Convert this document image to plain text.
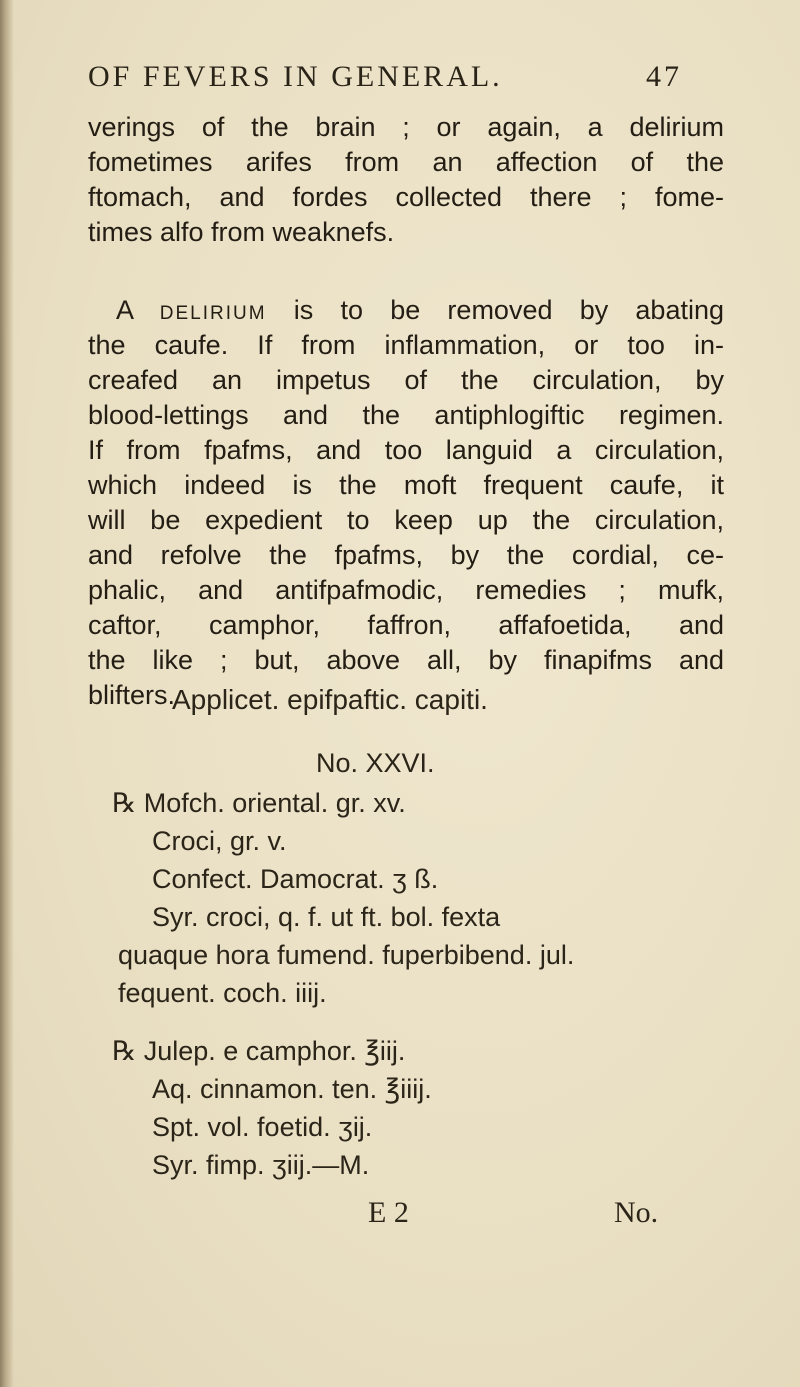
OF FEVERS IN GENERAL.	47
verings of the brain ; or again, a delirium
fometimes arifes from an affection of the
ftomach, and fordes collected there ; fome-
times alfo from weaknefs.
A delirium is to be removed by abating
the caufe. If from inflammation, or too in-
creafed an impetus of the circulation, by
blood-lettings and the antiphlogiftic regimen.
If from fpafms, and too languid a circulation,
which indeed is the moft frequent caufe, it
will be expedient to keep up the circulation,
and refolve the fpafms, by the cordial, ce-
phalic, and antifpafmodic, remedies ; mufk,
caftor, camphor, faffron, affafoetida, and
the like ; but, above all, by finapifms and
blifters.
Applicet. epifpaftic. capiti.
No. XXVI.
℞ Mofch. oriental. gr. xv.
Croci, gr. v.
Confect. Damocrat. ʒ ß.
Syr. croci, q. f. ut ft. bol. fexta
quaque hora fumend. fuperbibend. jul.
fequent. coch. iiij.
℞ Julep. e camphor. ℥iij.
Aq. cinnamon. ten. ℥iiij.
Spt. vol. foetid. ʒij.
Syr. fimp. ʒiij.—M.
E 2	No.
